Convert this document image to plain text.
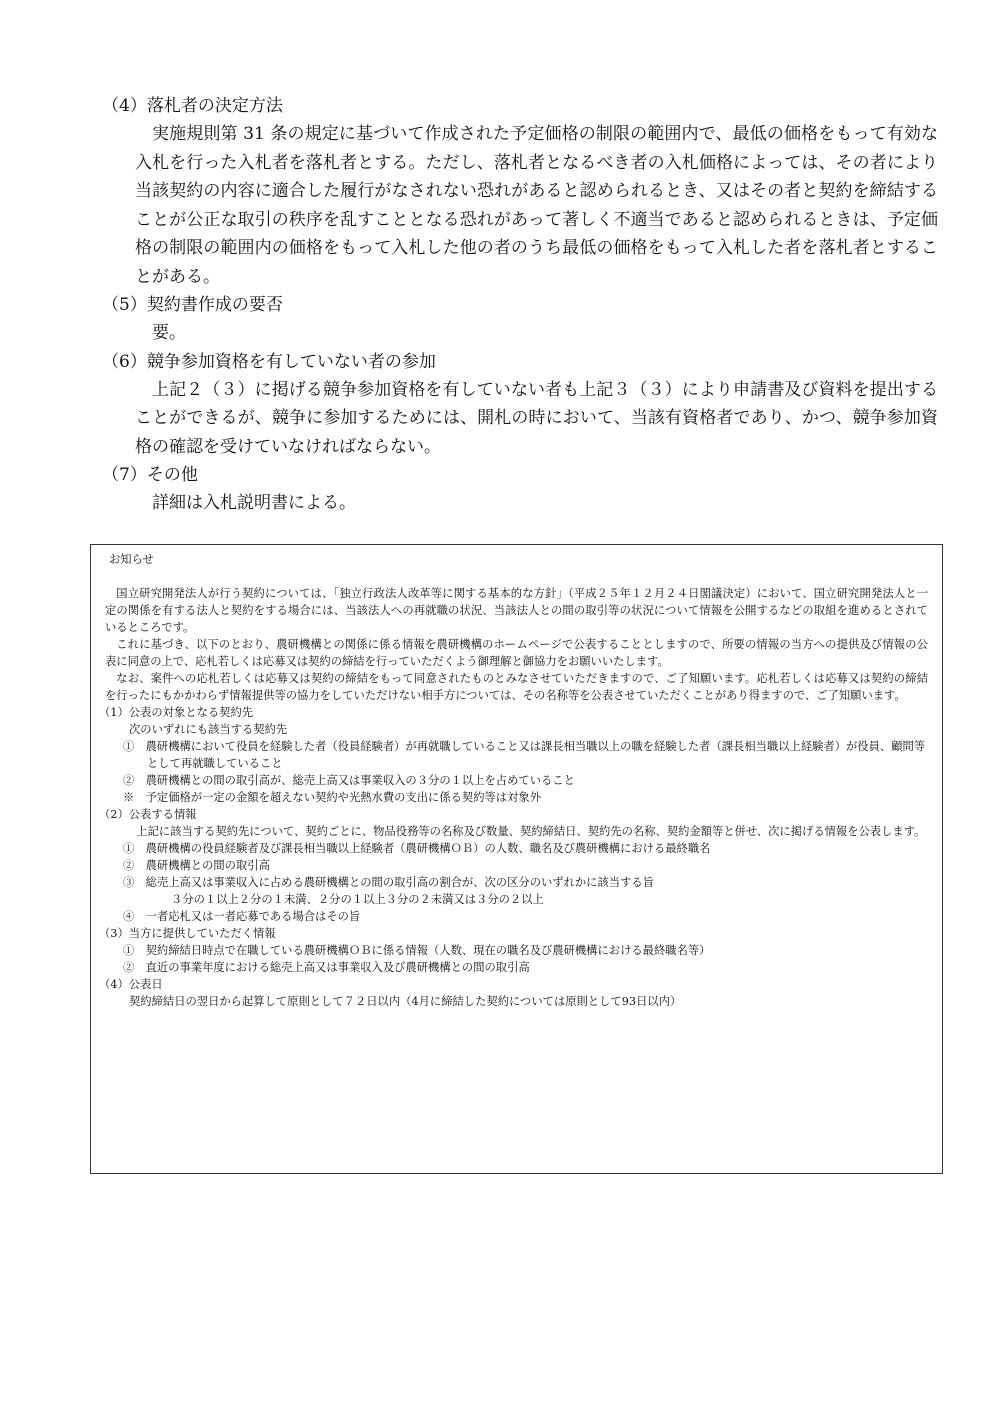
（4）落札者の決定方法

実施規則第 31 条の規定に基づいて作成された予定価格の制限の範囲内で、最低の価格をもって有効な入札を行った入札者を落札者とする。ただし、落札者となるべき者の入札価格によっては、その者により当該契約の内容に適合した履行がなされない恐れがあると認められるとき、又はその者と契約を締結することが公正な取引の秩序を乱すこととなる恐れがあって著しく不適当であると認められるときは、予定価格の制限の範囲内の価格をもって入札した他の者のうち最低の価格をもって入札した者を落札者とすることがある。

（5）契約書作成の要否

要。

（6）競争参加資格を有していない者の参加

上記２（３）に掲げる競争参加資格を有していない者も上記３（３）により申請書及び資料を提出することができるが、競争に参加するためには、開札の時において、当該有資格者であり、かつ、競争参加資格の確認を受けていなければならない。

（7）その他

詳細は入札説明書による。

お知らせ

国立研究開発法人が行う契約については、「独立行政法人改革等に関する基本的な方針」（平成２５年１２月２４日閣議決定）において、国立研究開発法人と一定の関係を有する法人と契約をする場合には、当該法人への再就職の状況、当該法人との間の取引等の状況について情報を公開するなどの取組を進めるとされているところです。

これに基づき、以下のとおり、農研機構との関係に係る情報を農研機構のホームページで公表することとしますので、所要の情報の当方への提供及び情報の公表に同意の上で、応札若しくは応募又は契約の締結を行っていただくよう御理解と御協力をお願いいたします。

なお、案件への応札若しくは応募又は契約の締結をもって同意されたものとみなさせていただきますので、ご了知願います。応札若しくは応募又は契約の締結を行ったにもかかわらず情報提供等の協力をしていただけない相手方については、その名称等を公表させていただくことがあり得ますので、ご了知願います。

（1）公表の対象となる契約先

次のいずれにも該当する契約先

①　農研機構において役員を経験した者（役員経験者）が再就職していること又は課長相当職以上の職を経験した者（課長相当職以上経験者）が役員、顧問等として再就職していること

②　農研機構との間の取引高が、総売上高又は事業収入の３分の１以上を占めていること

※　予定価格が一定の金額を超えない契約や光熱水費の支出に係る契約等は対象外

（2）公表する情報

上記に該当する契約先について、契約ごとに、物品役務等の名称及び数量、契約締結日、契約先の名称、契約金額等と併せ、次に掲げる情報を公表します。

①　農研機構の役員経験者及び課長相当職以上経験者（農研機構ＯＢ）の人数、職名及び農研機構における最終職名

②　農研機構との間の取引高

③　総売上高又は事業収入に占める農研機構との間の取引高の割合が、次の区分のいずれかに該当する旨

３分の１以上２分の１未満、２分の１以上３分の２未満又は３分の２以上

④　一者応札又は一者応募である場合はその旨

（3）当方に提供していただく情報

①　契約締結日時点で在職している農研機構ＯＢに係る情報（人数、現在の職名及び農研機構における最終職名等）

②　直近の事業年度における総売上高又は事業収入及び農研機構との間の取引高

（4）公表日

契約締結日の翌日から起算して原則として７２日以内（4月に締結した契約については原則として93日以内）
